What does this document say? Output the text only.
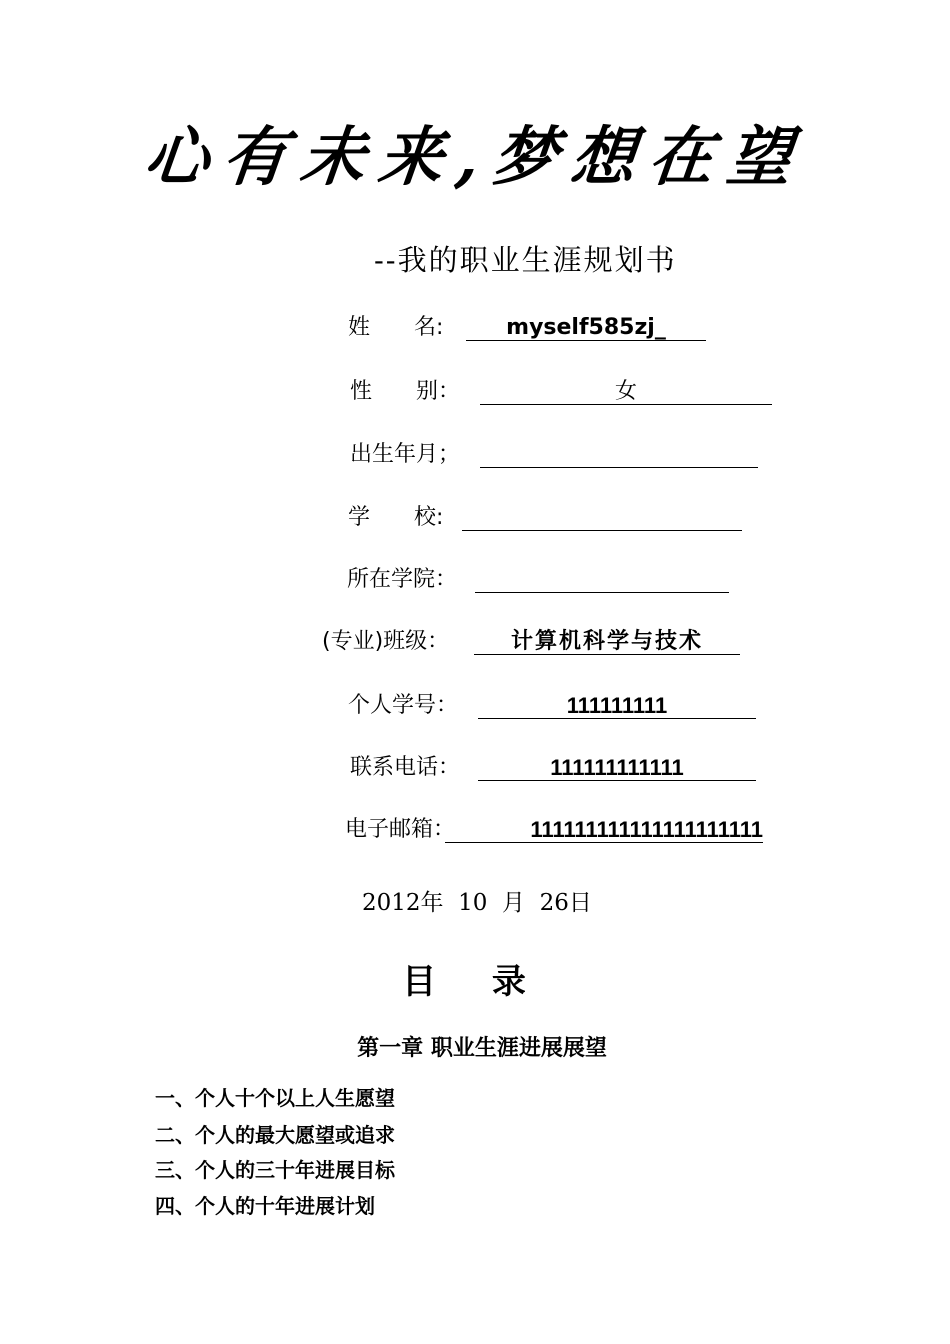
心有未来,梦想在望
--我的职业生涯规划书
姓　　名:	myself585zj_
性　　别：	女
出生年月；
学　　校:
所在学院：
(专业)班级：	计算机科学与技术
个人学号：	111111111
联系电话：	111111111111
电子邮箱：	111111111111111111111
2012年  10  月  26日
目 录
第一章 职业生涯进展展望
一、个人十个以上人生愿望
二、个人的最大愿望或追求
三、个人的三十年进展目标
四、个人的十年进展计划
